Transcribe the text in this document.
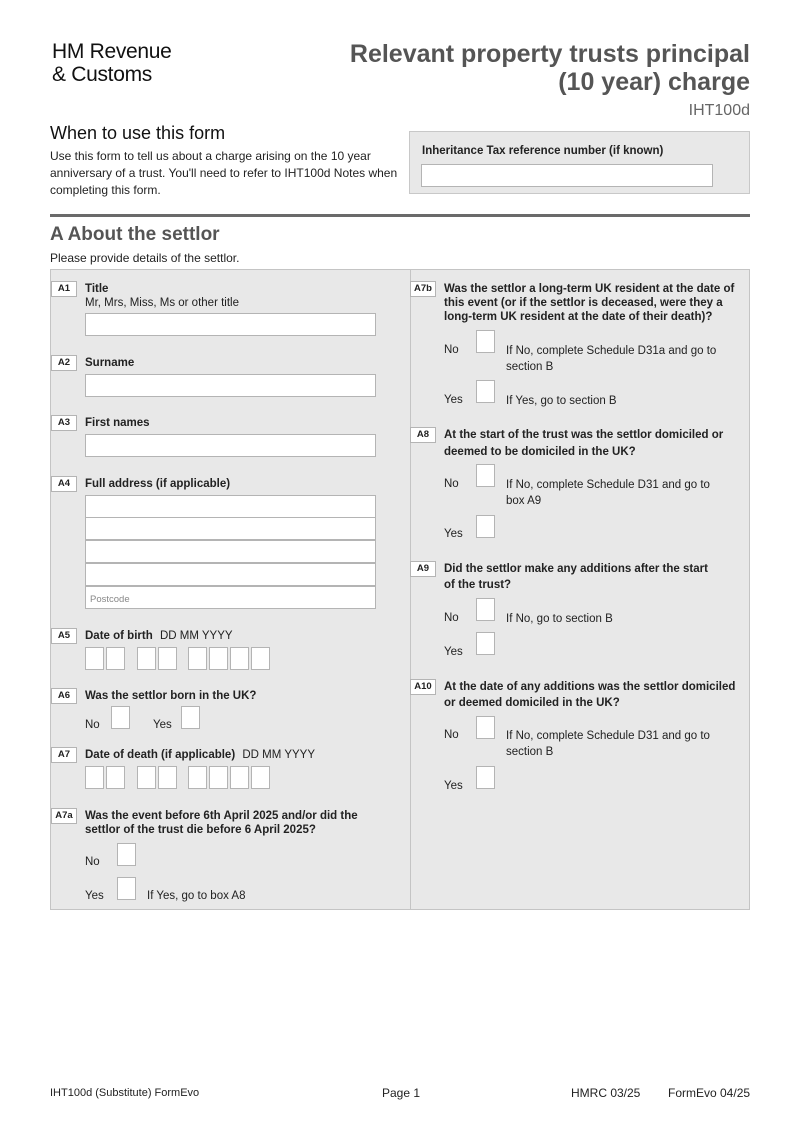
HM Revenue
& Customs
Relevant property trusts principal
(10 year) charge
IHT100d
When to use this form
Use this form to tell us about a charge arising on the 10 year anniversary of a trust. You'll need to refer to IHT100d Notes when completing this form.
Inheritance Tax reference number (if known)
A About the settlor
Please provide details of the settlor.
A1	Title
Mr, Mrs, Miss, Ms or other title
A2	Surname
A3	First names
A4	Full address (if applicable)
Postcode
A5	Date of birth DD MM YYYY
A6	Was the settlor born in the UK?
No	Yes
A7	Date of death (if applicable) DD MM YYYY
A7a	Was the event before 6th April 2025 and/or did the
settlor of the trust die before 6 April 2025?
No
Yes	If Yes, go to box A8
A7b	Was the settlor a long-term UK resident at the date of
this event (or if the settlor is deceased, were they a
long-term UK resident at the date of their death)?
No	If No, complete Schedule D31a and go to
section B
Yes	If Yes, go to section B
A8	At the start of the trust was the settlor domiciled or
deemed to be domiciled in the UK?
No	If No, complete Schedule D31 and go to
box A9
Yes
A9	Did the settlor make any additions after the start
of the trust?
No	If No, go to section B
Yes
A10	At the date of any additions was the settlor domiciled
or deemed domiciled in the UK?
No	If No, complete Schedule D31 and go to
section B
Yes
IHT100d (Substitute) FormEvo	Page 1	HMRC 03/25 FormEvo 04/25
